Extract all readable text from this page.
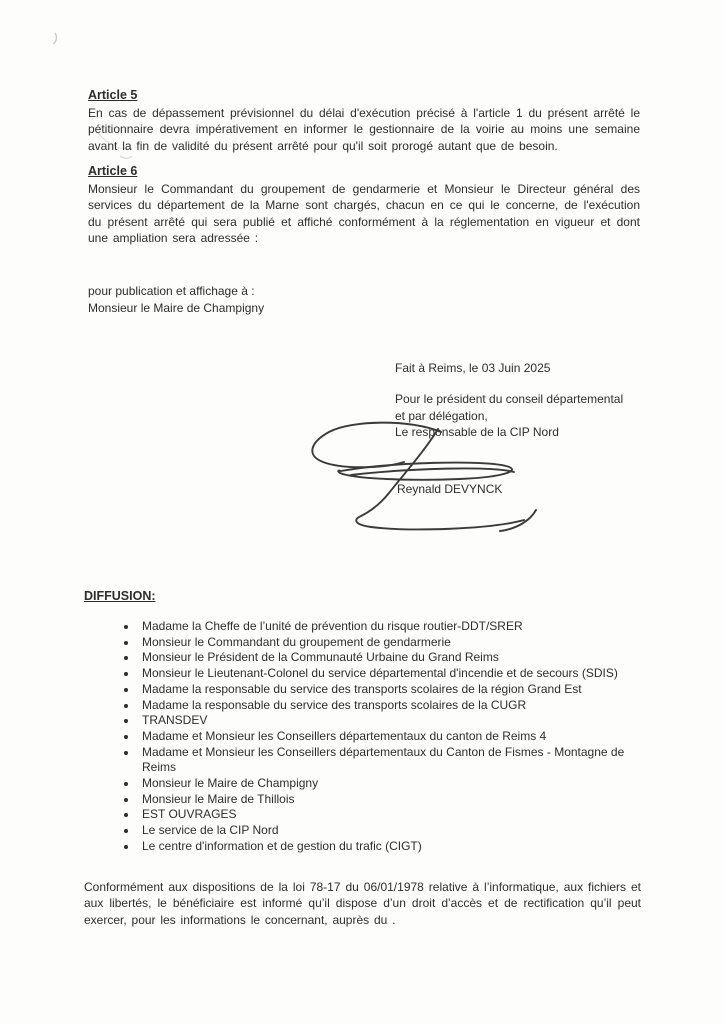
Article 5

En cas de dépassement prévisionnel du délai d'exécution précisé à l'article 1 du présent arrêté le pétitionnaire devra impérativement en informer le gestionnaire de la voirie au moins une semaine avant la fin de validité du présent arrêté pour qu'il soit prorogé autant que de besoin.

Article 6

Monsieur le Commandant du groupement de gendarmerie et Monsieur le Directeur général des services du département de la Marne sont chargés, chacun en ce qui le concerne, de l'exécution du présent arrêté qui sera publié et affiché conformément à la réglementation en vigueur et dont une ampliation sera adressée :

pour publication et affichage à :
Monsieur le Maire de Champigny
Fait à Reims, le 03 Juin 2025
Pour le président du conseil départemental
et par délégation,
Le responsable de la CIP Nord
Reynald DEVYNCK
DIFFUSION:
• Madame la Cheffe de l’unité de prévention du risque routier-DDT/SRER
• Monsieur le Commandant du groupement de gendarmerie
• Monsieur le Président de la Communauté Urbaine du Grand Reims
• Monsieur le Lieutenant-Colonel du service départemental d'incendie et de secours (SDIS)
• Madame la responsable du service des transports scolaires de la région Grand Est
• Madame la responsable du service des transports scolaires de la CUGR
• TRANSDEV
• Madame et Monsieur les Conseillers départementaux du canton de Reims 4
• Madame et Monsieur les Conseillers départementaux du Canton de Fismes - Montagne de Reims
• Monsieur le Maire de Champigny
• Monsieur le Maire de Thillois
• EST OUVRAGES
• Le service de la CIP Nord
• Le centre d'information et de gestion du trafic (CIGT)

Conformément aux dispositions de la loi 78-17 du 06/01/1978 relative à l’informatique, aux fichiers et aux libertés, le bénéficiaire est informé qu’il dispose d’un droit d’accès et de rectification qu’il peut exercer, pour les informations le concernant, auprès du .
